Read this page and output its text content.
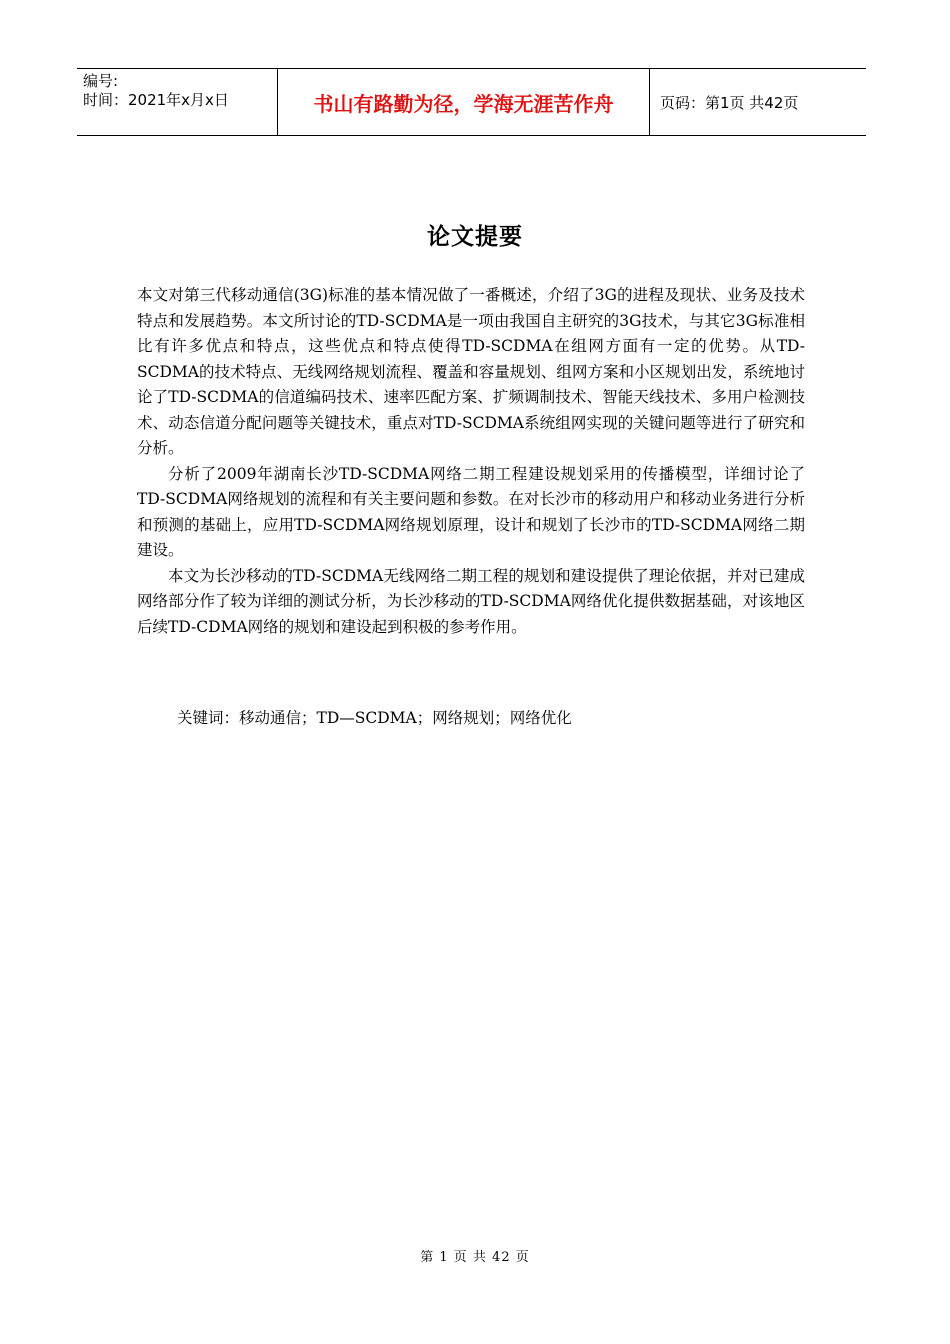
编号:
时间：2021年x月x日	书山有路勤为径，学海无涯苦作舟	页码：第1页 共42页
论文提要

本文对第三代移动通信(3G)标准的基本情况做了一番概述，介绍了3G的进程及现状、业务及技术特点和发展趋势。本文所讨论的TD-SCDMA是一项由我国自主研究的3G技术，与其它3G标准相比有许多优点和特点，这些优点和特点使得TD-SCDMA在组网方面有一定的优势。从TD-SCDMA的技术特点、无线网络规划流程、覆盖和容量规划、组网方案和小区规划出发，系统地讨论了TD-SCDMA的信道编码技术、速率匹配方案、扩频调制技术、智能天线技术、多用户检测技术、动态信道分配问题等关键技术，重点对TD-SCDMA系统组网实现的关键问题等进行了研究和分析。

分析了2009年湖南长沙TD-SCDMA网络二期工程建设规划采用的传播模型，详细讨论了TD-SCDMA网络规划的流程和有关主要问题和参数。在对长沙市的移动用户和移动业务进行分析和预测的基础上，应用TD-SCDMA网络规划原理，设计和规划了长沙市的TD-SCDMA网络二期建设。

本文为长沙移动的TD-SCDMA无线网络二期工程的规划和建设提供了理论依据，并对已建成网络部分作了较为详细的测试分析，为长沙移动的TD-SCDMA网络优化提供数据基础，对该地区后续TD-CDMA网络的规划和建设起到积极的参考作用。

关键词：移动通信；TD—SCDMA；网络规划；网络优化
第 1 页 共 42 页
